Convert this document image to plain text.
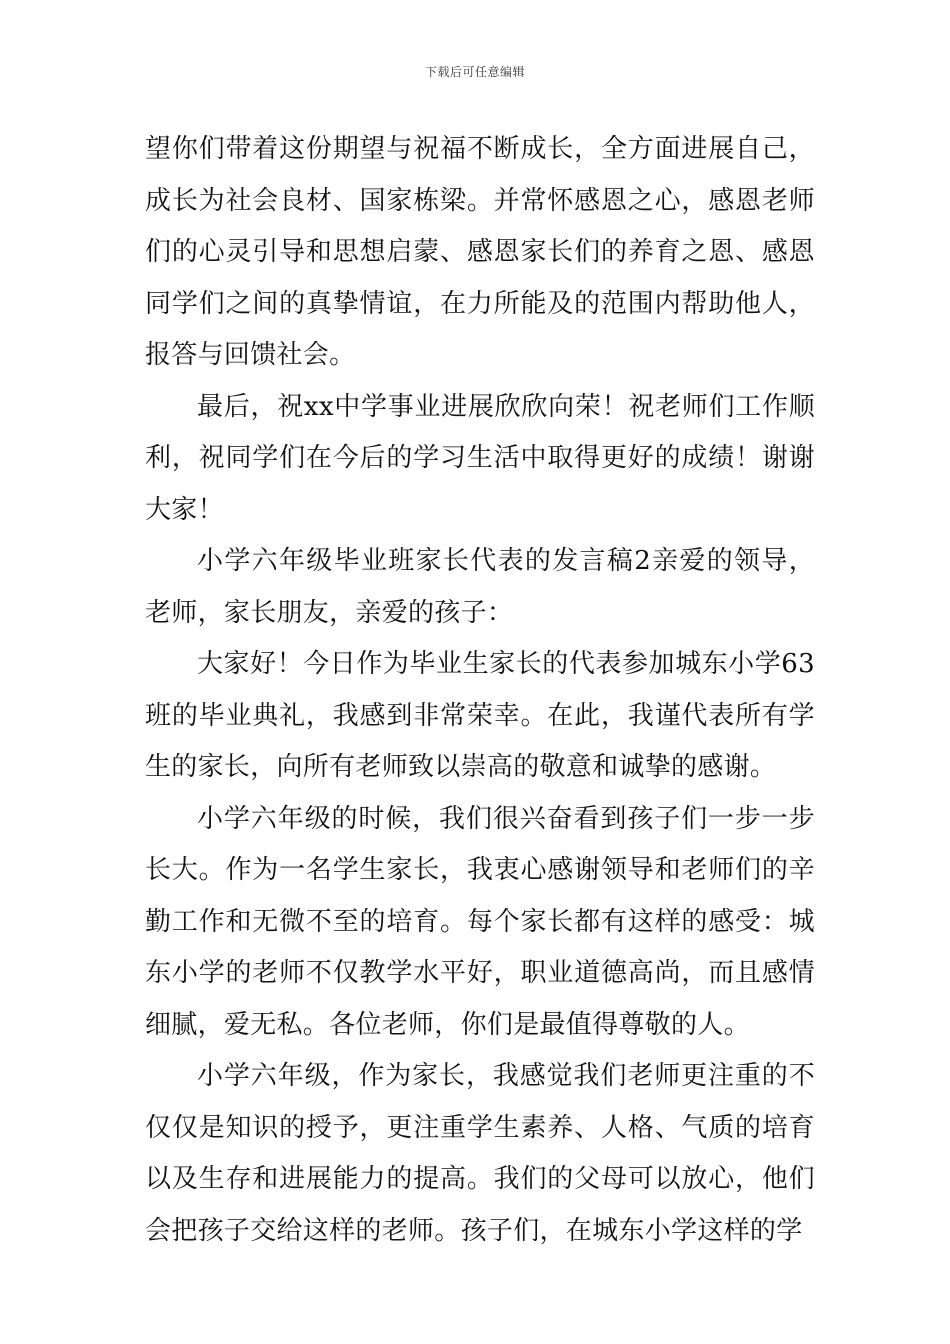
下载后可任意编辑

望你们带着这份期望与祝福不断成长，全方面进展自己，成长为社会良材、国家栋梁。并常怀感恩之心，感恩老师们的心灵引导和思想启蒙、感恩家长们的养育之恩、感恩同学们之间的真挚情谊，在力所能及的范围内帮助他人，报答与回馈社会。

最后，祝xx中学事业进展欣欣向荣！祝老师们工作顺利，祝同学们在今后的学习生活中取得更好的成绩！谢谢大家！

小学六年级毕业班家长代表的发言稿2亲爱的领导，老师，家长朋友，亲爱的孩子：

大家好！今日作为毕业生家长的代表参加城东小学63班的毕业典礼，我感到非常荣幸。在此，我谨代表所有学生的家长，向所有老师致以崇高的敬意和诚挚的感谢。

小学六年级的时候，我们很兴奋看到孩子们一步一步长大。作为一名学生家长，我衷心感谢领导和老师们的辛勤工作和无微不至的培育。每个家长都有这样的感受：城东小学的老师不仅教学水平好，职业道德高尚，而且感情细腻，爱无私。各位老师，你们是最值得尊敬的人。

小学六年级，作为家长，我感觉我们老师更注重的不仅仅是知识的授予，更注重学生素养、人格、气质的培育以及生存和进展能力的提高。我们的父母可以放心，他们会把孩子交给这样的老师。孩子们，在城东小学这样的学
